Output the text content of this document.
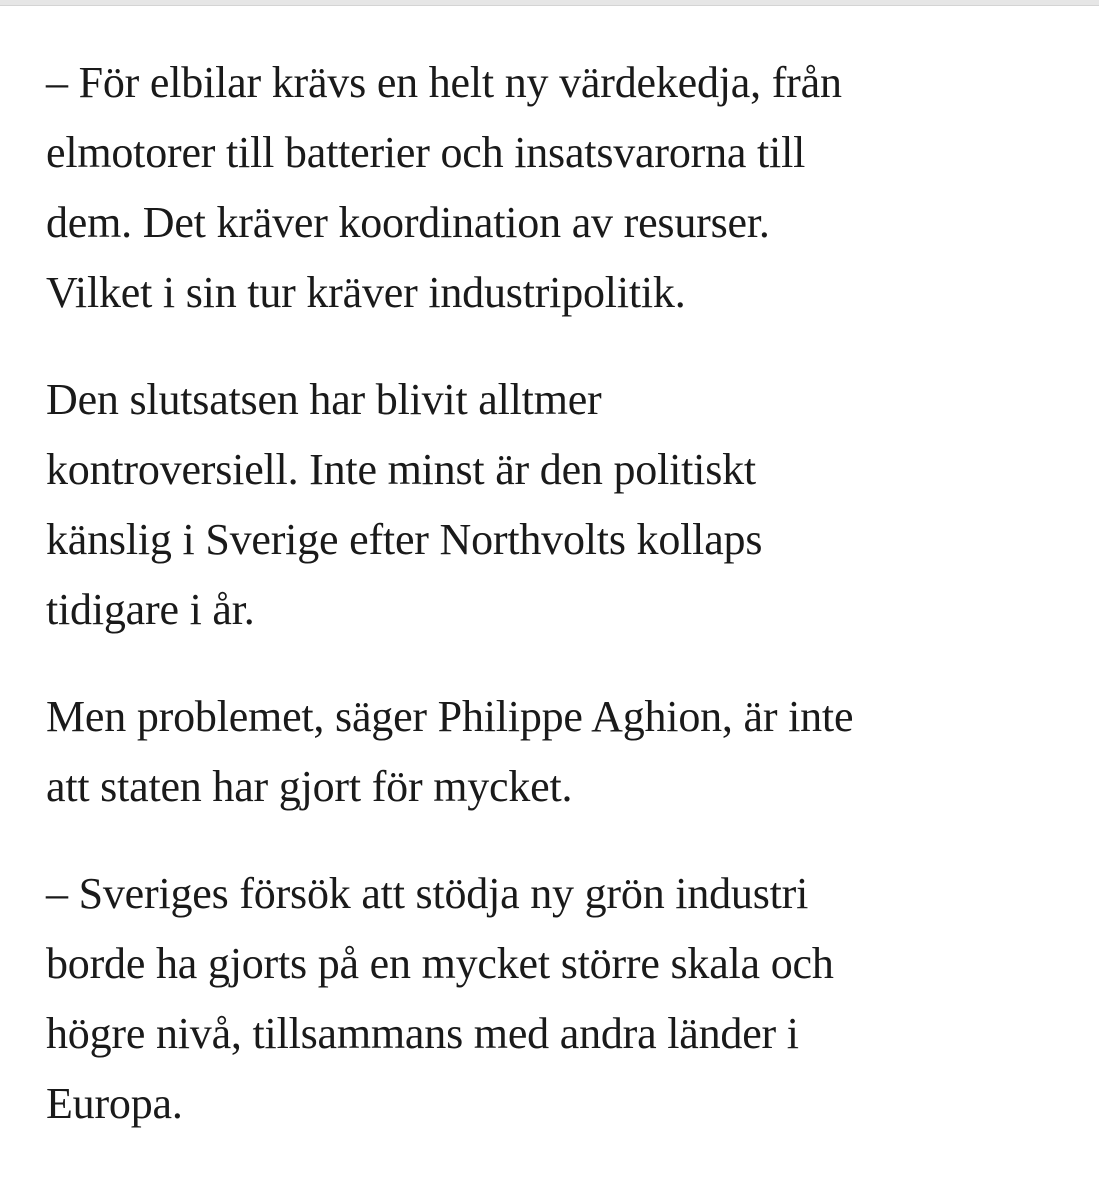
– För elbilar krävs en helt ny värdekedja, från
elmotorer till batterier och insatsvarorna till
dem. Det kräver koordination av resurser.
Vilket i sin tur kräver industripolitik.

Den slutsatsen har blivit alltmer
kontroversiell. Inte minst är den politiskt
känslig i Sverige efter Northvolts kollaps
tidigare i år.

Men problemet, säger Philippe Aghion, är inte
att staten har gjort för mycket.

– Sveriges försök att stödja ny grön industri
borde ha gjorts på en mycket större skala och
högre nivå, tillsammans med andra länder i
Europa.
